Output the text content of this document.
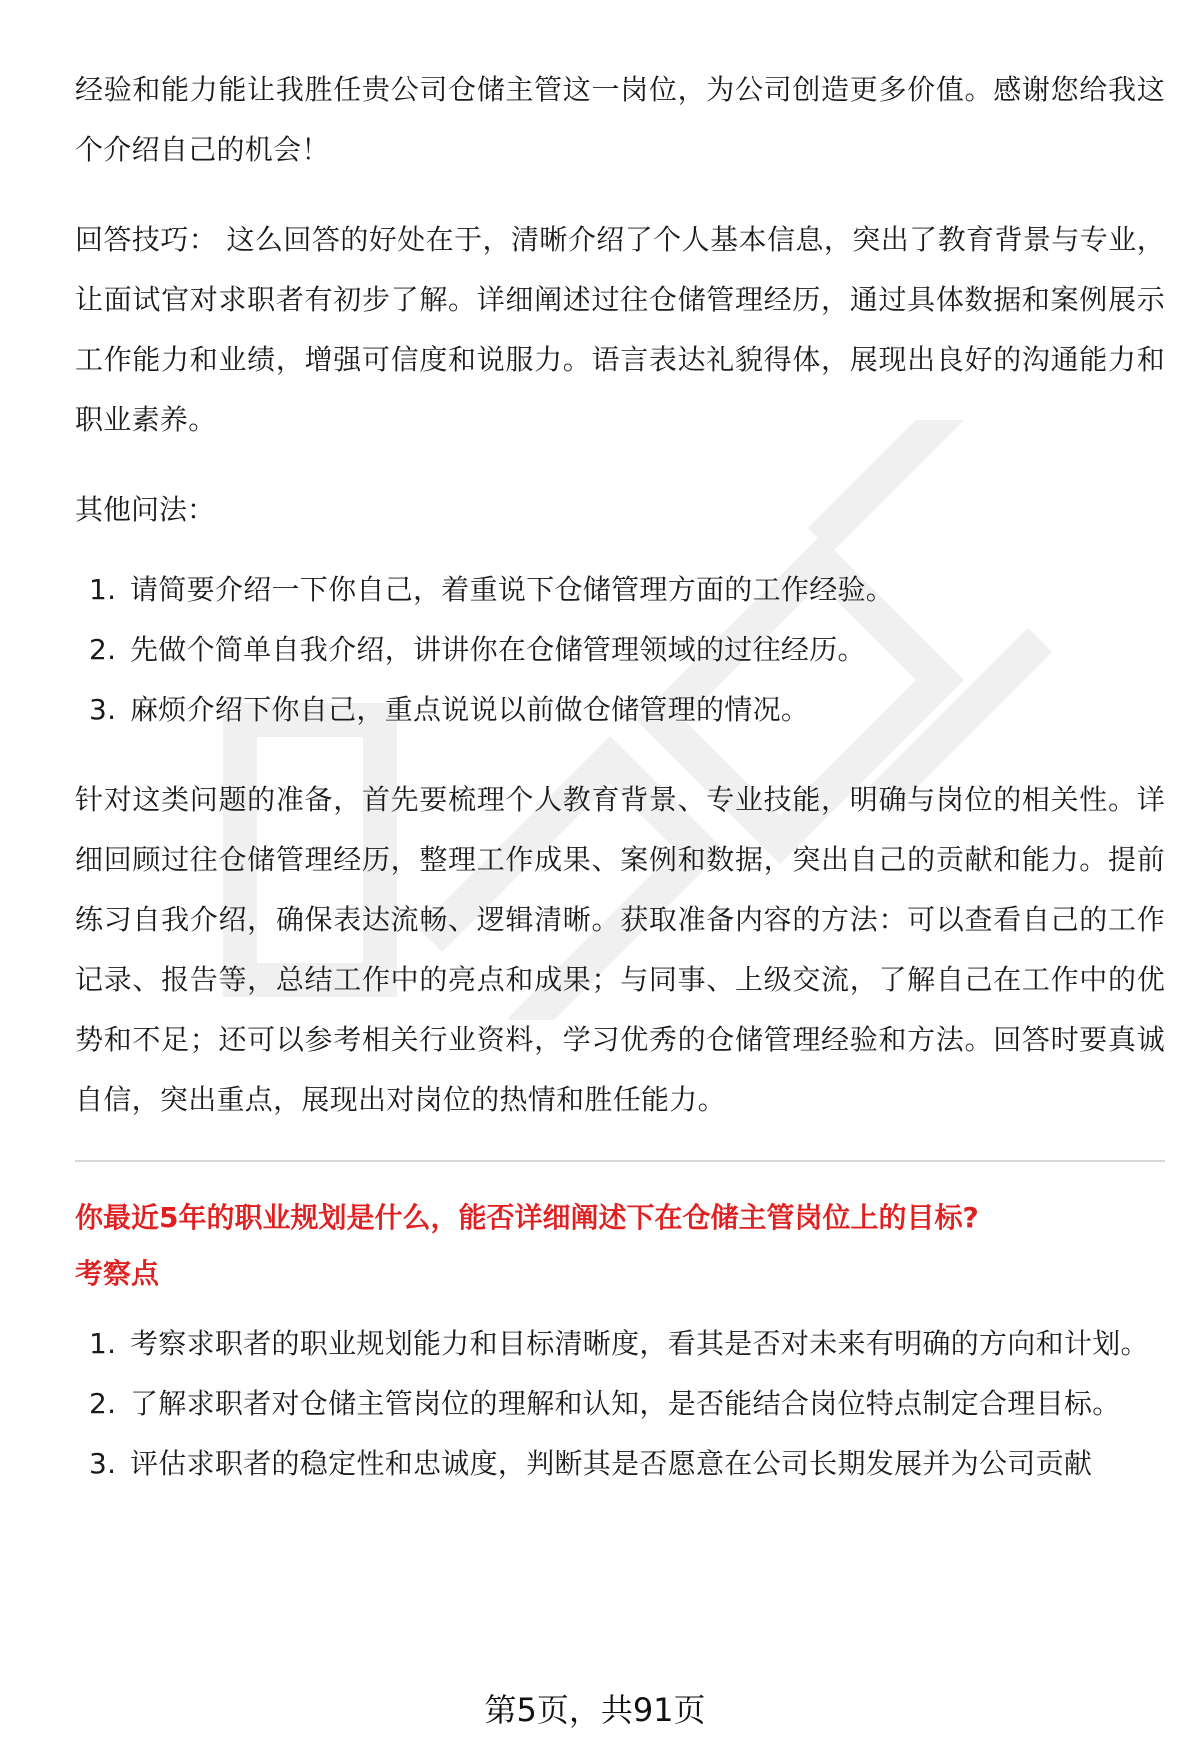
经验和能力能让我胜任贵公司仓储主管这一岗位，为公司创造更多价值。感谢您给我这个介绍自己的机会！

回答技巧： 这么回答的好处在于，清晰介绍了个人基本信息，突出了教育背景与专业，让面试官对求职者有初步了解。详细阐述过往仓储管理经历，通过具体数据和案例展示工作能力和业绩，增强可信度和说服力。语言表达礼貌得体，展现出良好的沟通能力和职业素养。

其他问法：

1. 请简要介绍一下你自己，着重说下仓储管理方面的工作经验。
2. 先做个简单自我介绍，讲讲你在仓储管理领域的过往经历。
3. 麻烦介绍下你自己，重点说说以前做仓储管理的情况。

针对这类问题的准备，首先要梳理个人教育背景、专业技能，明确与岗位的相关性。详细回顾过往仓储管理经历，整理工作成果、案例和数据，突出自己的贡献和能力。提前练习自我介绍，确保表达流畅、逻辑清晰。获取准备内容的方法：可以查看自己的工作记录、报告等，总结工作中的亮点和成果；与同事、上级交流，了解自己在工作中的优势和不足；还可以参考相关行业资料，学习优秀的仓储管理经验和方法。回答时要真诚自信，突出重点，展现出对岗位的热情和胜任能力。

你最近5年的职业规划是什么，能否详细阐述下在仓储主管岗位上的目标?

考察点

1. 考察求职者的职业规划能力和目标清晰度，看其是否对未来有明确的方向和计划。
2. 了解求职者对仓储主管岗位的理解和认知，是否能结合岗位特点制定合理目标。
3. 评估求职者的稳定性和忠诚度，判断其是否愿意在公司长期发展并为公司贡献
第5页，共91页
